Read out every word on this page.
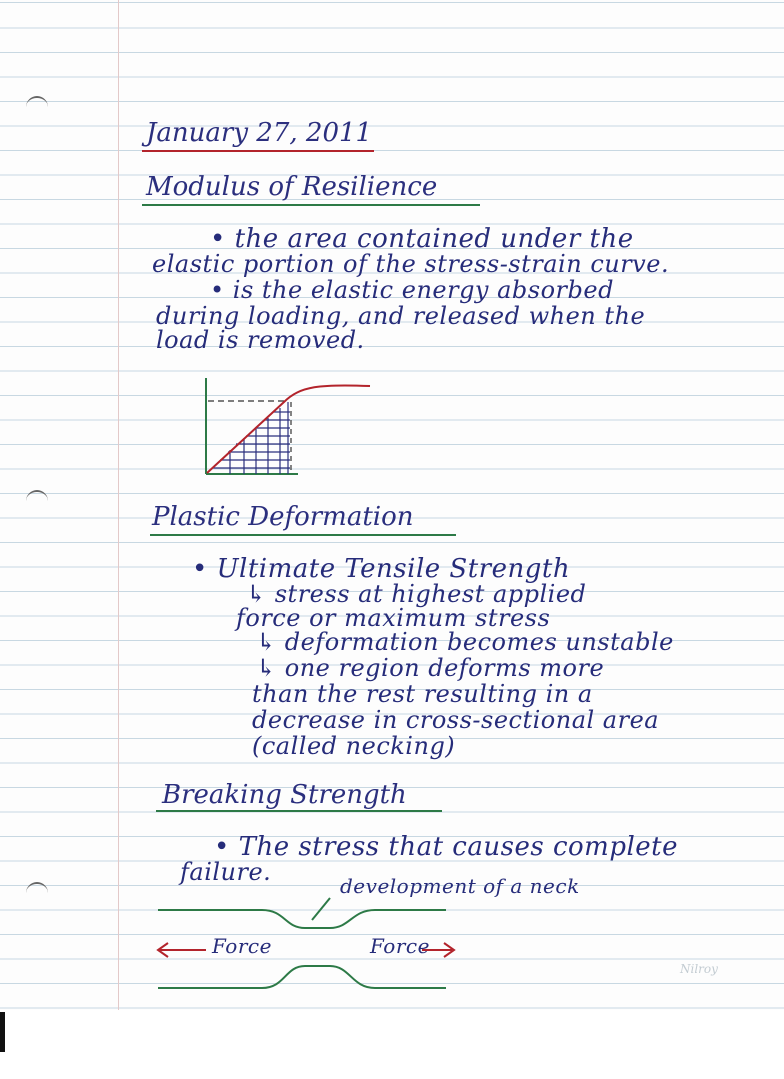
January 27, 2011
Modulus of Resilience
• the area contained under the
elastic portion of the stress-strain curve.
• is the elastic energy absorbed
during loading, and released when the
load is removed.
Plastic Deformation
• Ultimate Tensile Strength
↳ stress at highest applied
force or maximum stress
↳ deformation becomes unstable
↳ one region deforms more
than the rest resulting in a
decrease in cross-sectional area
(called necking)
Breaking Strength
• The stress that causes complete
failure.	development of a neck
Force	Force
Nilroy
